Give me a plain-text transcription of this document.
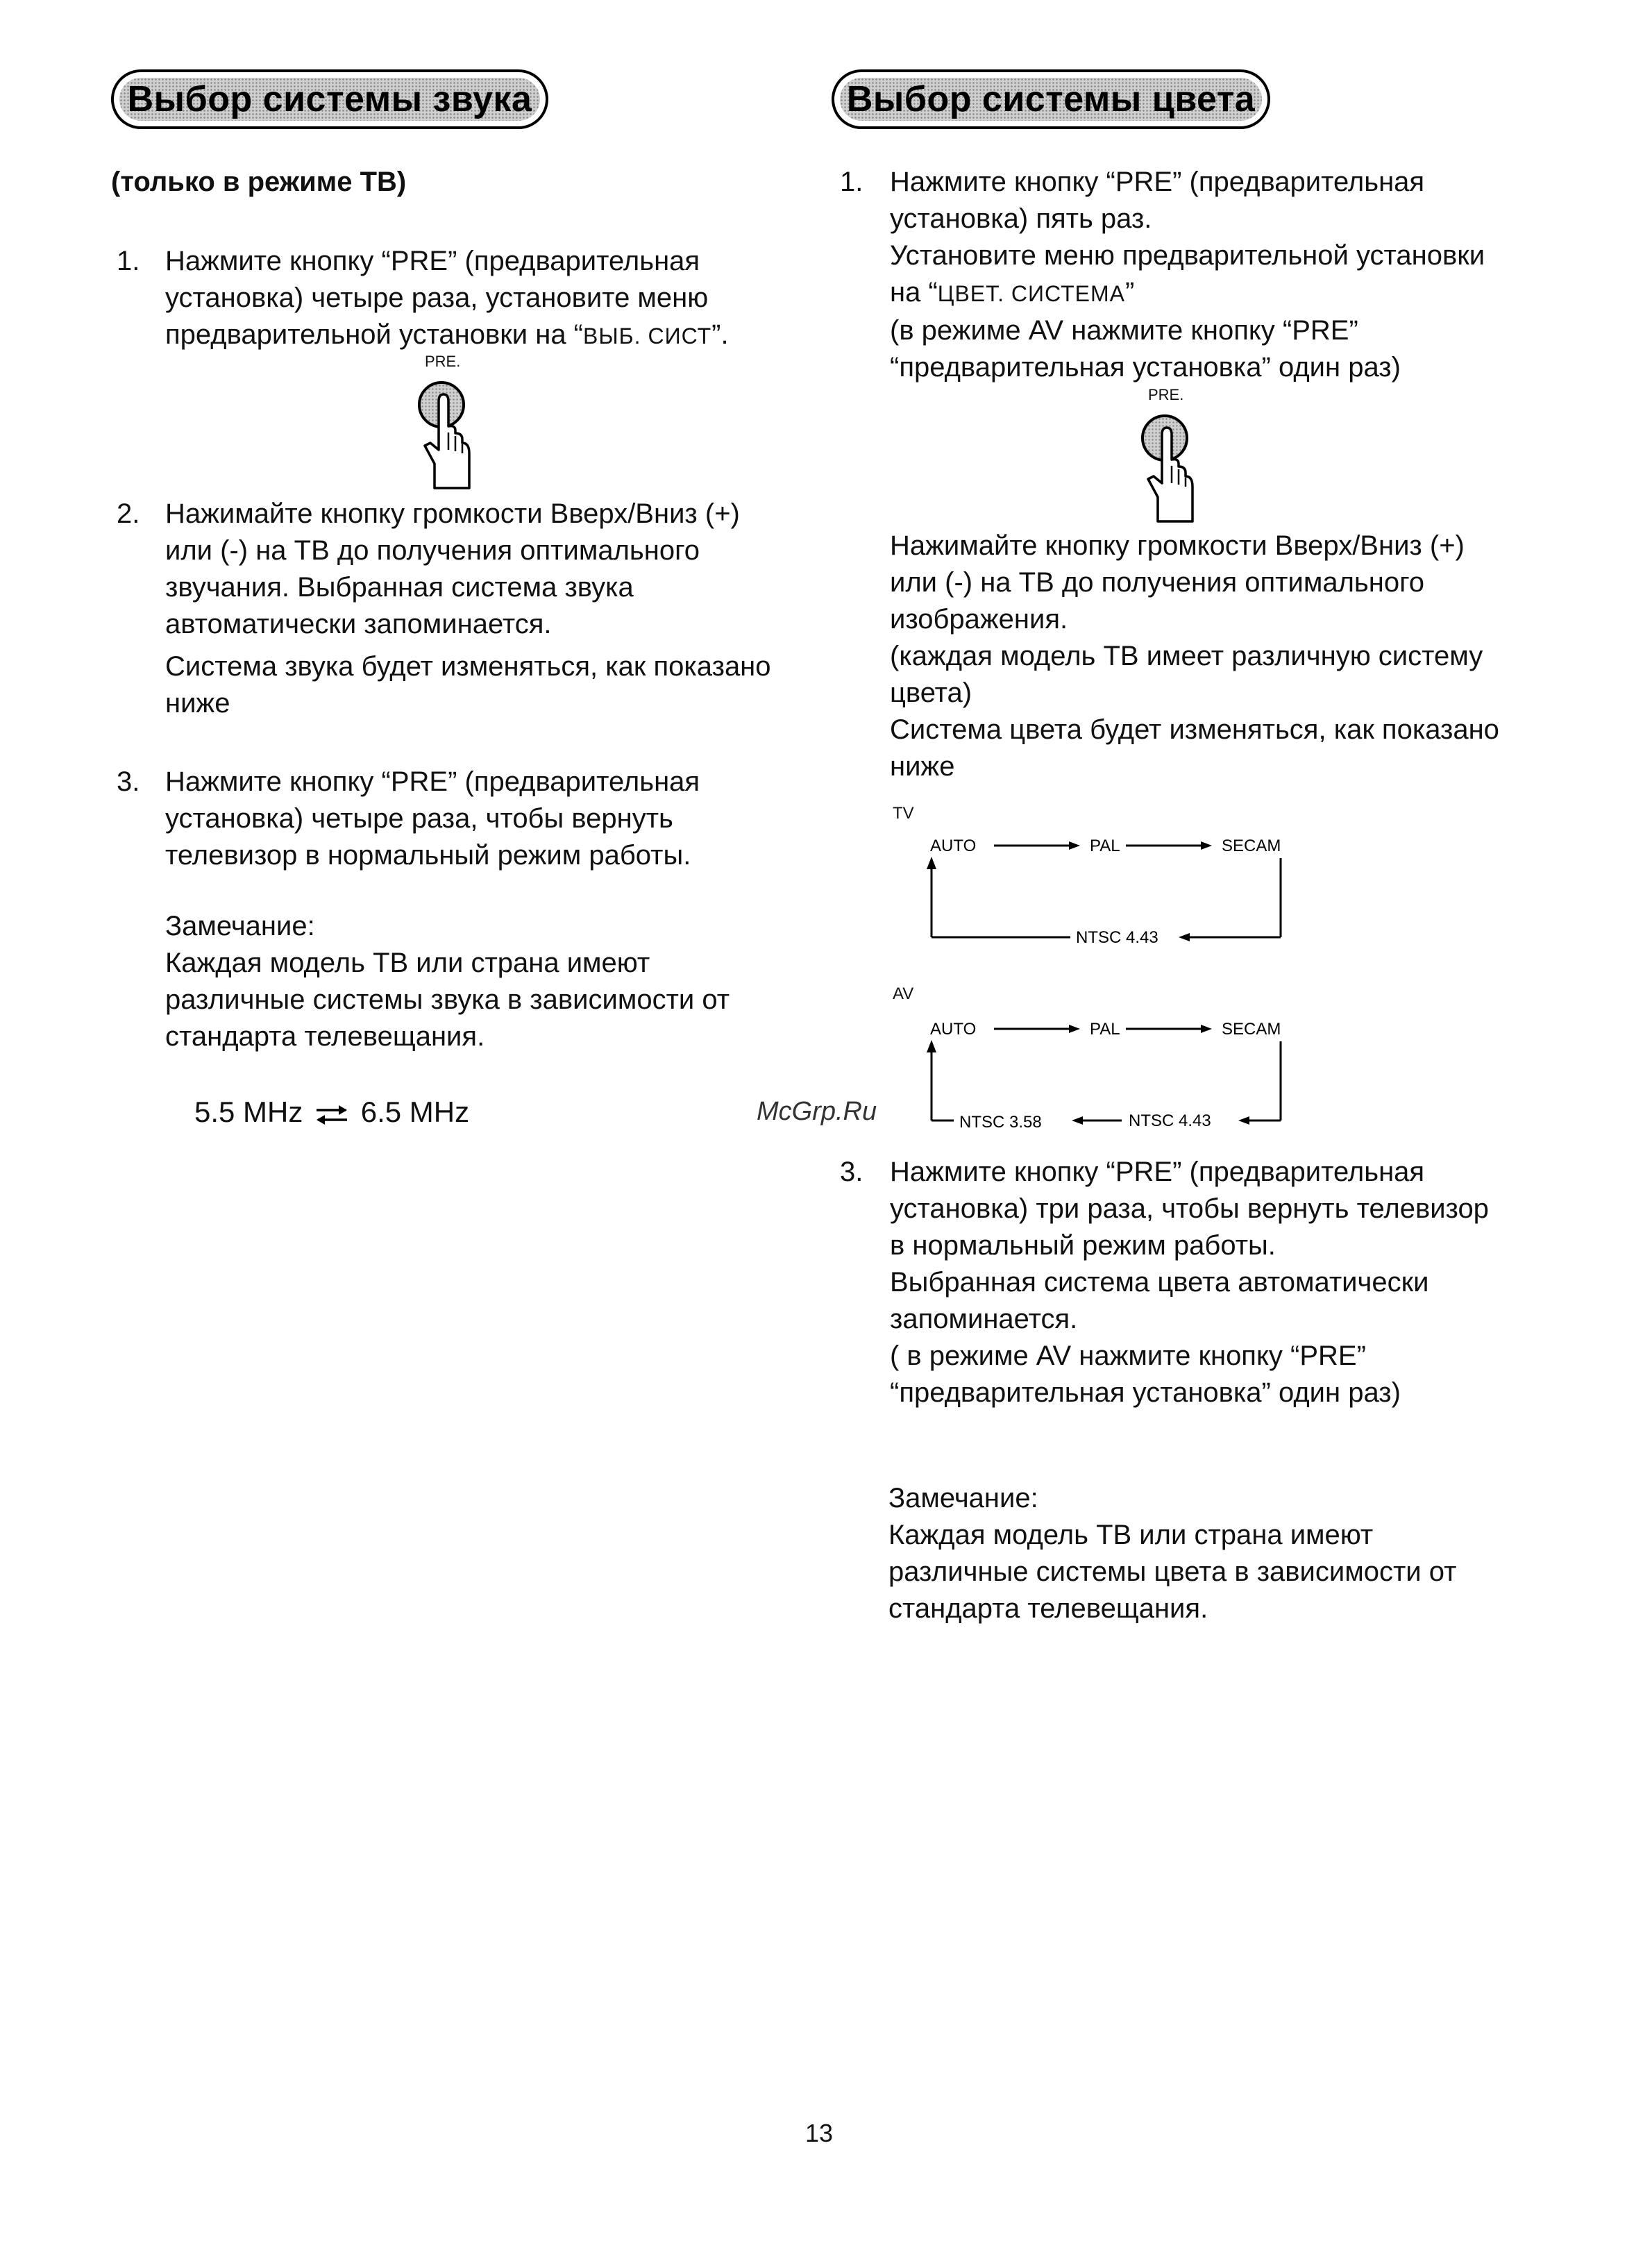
Выбор системы звука
(только в режиме ТВ)
1. Нажмите кнопку “PRE” (предварительная
установка) четыре раза, установите меню
предварительной установки на “ВЫБ. СИСТ”.
PRE.
2. Нажимайте кнопку громкости Вверх/Вниз (+)
или (-) на ТВ до получения оптимального
звучания. Выбранная система звука
автоматически запоминается.
Система звука будет изменяться, как показано
ниже
3. Нажмите кнопку “PRE” (предварительная
установка) четыре раза, чтобы вернуть
телевизор в нормальный режим работы.
Замечание:
Каждая модель ТВ или страна имеют
различные системы звука в зависимости от
стандарта телевещания.
5.5 MHz 6.5 MHz
Выбор системы цвета
1. Нажмите кнопку “PRE” (предварительная
установка) пять раз.
Установите меню предварительной установки
на “ЦВЕТ. СИСТЕМА”
(в режиме AV нажмите кнопку “PRE”
“предварительная установка” один раз)
PRE.
Нажимайте кнопку громкости Вверх/Вниз (+)
или (-) на ТВ до получения оптимального
изображения.
(каждая модель ТВ имеет различную систему
цвета)
Система цвета будет изменяться, как показано
ниже
TV
AUTO	PAL	SECAM
NTSC 4.43
AV
AUTO	PAL	SECAM
NTSC 4.43
NTSC 3.58
McGrp.Ru
3. Нажмите кнопку “PRE” (предварительная
установка) три раза, чтобы вернуть телевизор
в нормальный режим работы.
Выбранная система цвета автоматически
запоминается.
( в режиме AV нажмите кнопку “PRE”
“предварительная установка” один раз)
Замечание:
Каждая модель ТВ или страна имеют
различные системы цвета в зависимости от
стандарта телевещания.
13
